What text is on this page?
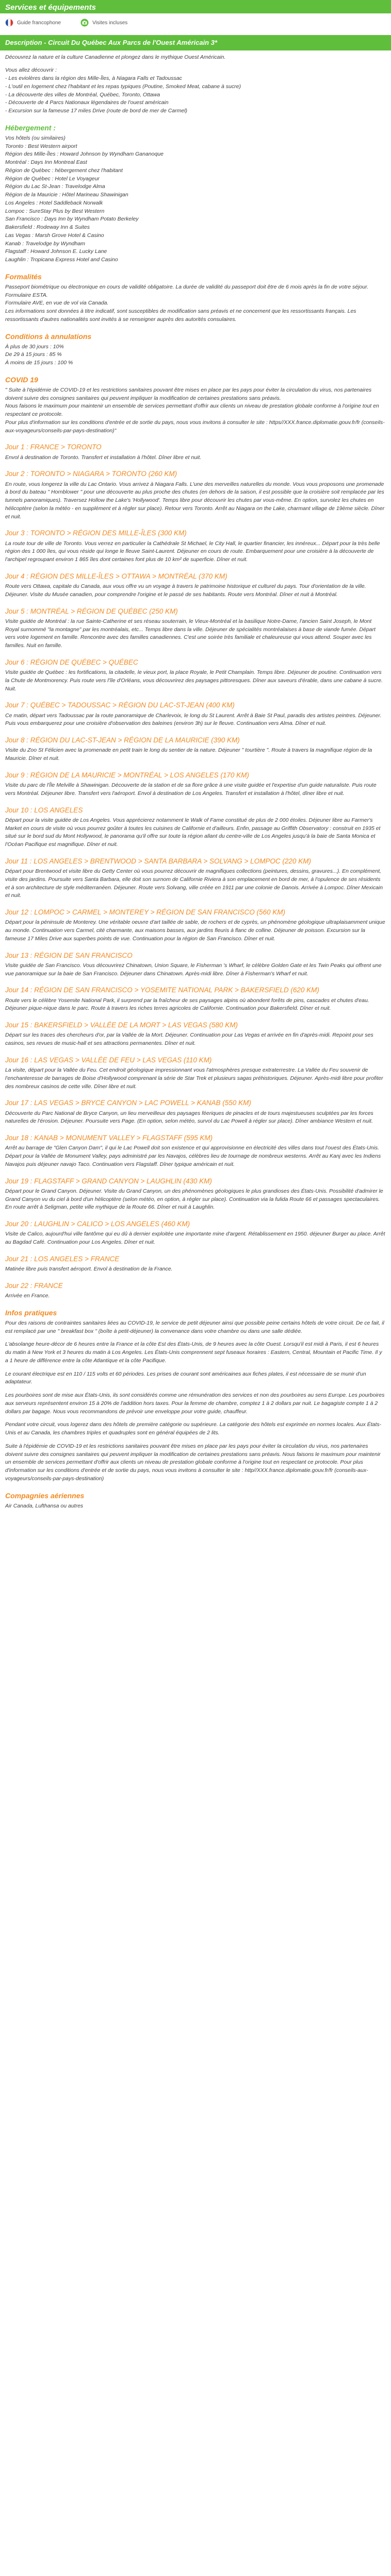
Services et équipements
Guide francophone	Visites incluses
Description - Circuit Du Québec Aux Parcs de l'Ouest Américain 3*

Découvrez la nature et la culture Canadienne et plongez dans le mythique Ouest Américain.

Vous allez découvrir :

- Les eviolères dans la région des Mille-Îles, à Niagara Falls et Tadoussac

- L'outil en logement chez l'habitant et les repas typiques (Poutine, Smoked Meat, cabane à sucre)

- La découverte des villes de Montréal, Québec, Toronto, Ottawa

- Découverte de 4 Parcs Nationaux légendaires de l'ouest américain

- Excursion sur la fameuse 17 miles Drive (route de bord de mer de Carmel)

Hébergement :

Vos hôtels (ou similaires)

Toronto : Best Western airport

Région des Mille-Îles : Howard Johnson by Wyndham Gananoque

Montréal : Days Inn Montreal East

Région de Québec : hébergement chez l'habitant

Région de Québec : Hotel Le Voyageur

Région du Lac St-Jean : Travelodge Alma

Région de la Mauricie : Hôtel Marineau Shawinigan

Los Angeles : Hotel Saddleback Norwalk

Lompoc : SureStay Plus by Best Western

San Francisco : Days Inn by Wyndham Potato Berkeley

Bakersfield : Rodeway Inn & Suites

Las Vegas : Marsh Grove Hotel & Casino

Kanab : Travelodge by Wyndham

Flagstaff : Howard Johnson E. Lucky Lane

Laughlin : Tropicana Express Hotel and Casino

Formalités

Passeport biométrique ou électronique en cours de validité obligatoire. La durée de validité du passeport doit être de 6 mois après la fin de votre séjour.

Formulaire ESTA.

Formulaire AVE, en vue de vol via Canada.

Les informations sont données à titre indicatif, sont susceptibles de modification sans préavis et ne concernent que les ressortissants français. Les ressortissants d'autres nationalités sont invités à se renseigner auprès des autorités consulaires.

Conditions à annulations

À plus de 30 jours : 10%

De 29 à 15 jours : 85 %

À moins de 15 jours : 100 %

COVID 19

" Suite à l'épidémie de COVID-19 et les restrictions sanitaires pouvant être mises en place par les pays pour éviter la circulation du virus, nos partenaires doivent suivre des consignes sanitaires qui peuvent impliquer la modification de certaines prestations sans préavis.

Nous faisons le maximum pour maintenir un ensemble de services permettant d'offrir aux clients un niveau de prestation globale conforme à l'origine tout en respectant ce protocole.

Pour plus d'information sur les conditions d'entrée et de sortie du pays, nous vous invitons à consulter le site : https//XXX.france.diplomatie.gouv.fr/fr (conseils-aux-voyageurs/conseils-par-pays-destination)"

Jour 1 : FRANCE > TORONTO

Envol à destination de Toronto. Transfert et installation à l'hôtel. Dîner libre et nuit.

Jour 2 : TORONTO > NIAGARA > TORONTO (260 KM)

En route, vous longerez la ville du Lac Ontario. Vous arrivez à Niagara Falls. L'une des merveilles naturelles du monde. Vous vous proposons une promenade à bord du bateau " Hornblower " pour une découverte au plus proche des chutes (en dehors de la saison, il est possible que la croisière soit remplacée par les tunnels panoramiques). Traversez Hollow the Lake's 'Hollywood'. Temps libre pour découvrir les chutes par vous-même. En option, survolez les chutes en hélicoptère (selon la météo - en supplément et à régler sur place). Retour vers Toronto. Arrêt au Niagara on the Lake, charmant village de 19ème siècle. Dîner et nuit.

Jour 3 : TORONTO > RÉGION DES MILLE-ÎLES (300 KM)

La route tour de ville de Toronto. Vous verrez en particulier la Cathédrale St Michael, le City Hall, le quartier financier, les innéreux... Départ pour la très belle région des 1 000 îles, qui vous réside qui longe le fleuve Saint-Laurent. Déjeuner en cours de route. Embarquement pour une croisière à la découverte de l'archipel regroupant environ 1 865 îles dont certaines font plus de 10 km² de superficie. Dîner et nuit.

Jour 4 : RÉGION DES MILLE-ÎLES > OTTAWA > MONTRÉAL (370 KM)

Route vers Ottawa, capitale du Canada, aux vous offre vu un voyage à travers le patrimoine historique et culturel du pays. Tour d'orientation de la ville. Déjeuner. Visite du Musée canadien, pour comprendre l'origine et le passé de ses habitants. Route vers Montréal. Dîner et nuit à Montréal.

Jour 5 : MONTRÉAL > RÉGION DE QUÉBEC (250 KM)

Visite guidée de Montréal : la rue Sainte-Catherine et ses réseau souterrain, le Vieux-Montréal et la basilique Notre-Dame, l'ancien Saint Joseph, le Mont Royal surnommé "la montagne" par les montréalais, etc... Temps libre dans la ville. Déjeuner de spécialités montréalaises à base de viande fumée. Départ vers votre logement en famille. Rencontre avec des familles canadiennes. C'est une soirée très familiale et chaleureuse qui vous attend. Souper avec les familles. Nuit en famille.

Jour 6 : RÉGION DE QUÉBEC > QUÉBEC

Visite guidée de Québec : les fortifications, la citadelle, le vieux port, la place Royale, le Petit Champlain. Temps libre. Déjeuner de poutine. Continuation vers la Chute de Montmorency. Puis route vers l'île d'Orléans, vous découvrirez des paysages pittoresques. Dîner aux saveurs d'érable, dans une cabane à sucre. Nuit.

Jour 7 : QUÉBEC > TADOUSSAC > RÉGION DU LAC-ST-JEAN (400 KM)

Ce matin, départ vers Tadoussac par la route panoramique de Charlevoix, le long du St Laurent. Arrêt à Baie St Paul, paradis des artistes peintres. Déjeuner. Puis vous embarquerez pour une croisière d'observation des baleines (environ 3h) sur le fleuve. Continuation vers Alma. Dîner et nuit.

Jour 8 : RÉGION DU LAC-ST-JEAN > RÉGION DE LA MAURICIE (390 KM)

Visite du Zoo St Félicien avec la promenade en petit train le long du sentier de la nature. Déjeuner " tourtière ". Route à travers la magnifique région de la Mauricie. Dîner et nuit.

Jour 9 : RÉGION DE LA MAURICIE > MONTRÉAL > LOS ANGELES (170 KM)

Visite du parc de l'Île Melville à Shawinigan. Découverte de la station et de sa flore grâce à une visite guidée et l'expertise d'un guide naturaliste. Puis route vers Montréal. Déjeuner libre. Transfert vers l'aéroport. Envol à destination de Los Angeles. Transfert et installation à l'hôtel, dîner libre et nuit.

Jour 10 : LOS ANGELES

Départ pour la visite guidée de Los Angeles. Vous apprécierez notamment le Walk of Fame constitué de plus de 2 000 étoiles. Déjeuner libre au Farmer's Market en cours de visite où vous pourrez goûter à toutes les cuisines de Californie et d'ailleurs. Enfin, passage au Griffith Observatory : construit en 1935 et situé sur le bord sud du Mont Hollywood, le panorama qu'il offre sur toute la région allant du centre-ville de Los Angeles jusqu'à la baie de Santa Monica et l'Océan Pacifique est magnifique. Dîner et nuit.

Jour 11 : LOS ANGELES > BRENTWOOD > SANTA BARBARA > SOLVANG > LOMPOC (220 KM)

Départ pour Brentwood et visite libre du Getty Center où vous pourrez découvrir de magnifiques collections (peintures, dessins, gravures...). En complément, visite des jardins. Poursuite vers Santa Barbara, elle doit son surnom de Californie Riviera à son emplacement en bord de mer, à l'opulence de ses résidents et à son architecture de style méditerranéen. Déjeuner. Route vers Solvang, ville créée en 1911 par une colonie de Danois. Arrivée à Lompoc. Dîner Mexicain et nuit.

Jour 12 : LOMPOC > CARMEL > MONTEREY > RÉGION DE SAN FRANCISCO (560 KM)

Départ pour la péninsule de Monterey. Une véritable oeuvre d'art taillée de sable, de rochers et de cyprès, un phénomène géologique ultraplaisamment unique au monde. Continuation vers Carmel, cité charmante, aux maisons basses, aux jardins fleuris à flanc de colline. Déjeuner de poisson. Excursion sur la fameuse 17 Miles Drive aux superbes points de vue. Continuation pour la région de San Francisco. Dîner et nuit.

Jour 13 : RÉGION DE SAN FRANCISCO

Visite guidée de San Francisco. Vous découvrirez Chinatown, Union Square, le Fisherman 's Wharf, le célèbre Golden Gate et les Twin Peaks qui offrent une vue panoramique sur la baie de San Francisco. Déjeuner dans Chinatown. Après-midi libre. Dîner à Fisherman's Wharf et nuit.

Jour 14 : RÉGION DE SAN FRANCISCO > YOSEMITE NATIONAL PARK > BAKERSFIELD (620 KM)

Route vers le célèbre Yosemite National Park, il surprend par la fraîcheur de ses paysages alpins où abondent forêts de pins, cascades et chutes d'eau. Déjeuner pique-nique dans le parc. Route à travers les riches terres agricoles de Californie. Continuation pour Bakersfield. Dîner et nuit.

Jour 15 : BAKERSFIELD > VALLÉE DE LA MORT > LAS VEGAS (580 KM)

Départ sur les traces des chercheurs d'or, par la Vallée de la Mort. Déjeuner. Continuation pour Las Vegas et arrivée en fin d'après-midi. Repoint pour ses casinos, ses revues de music-hall et ses attractions permanentes. Dîner et nuit.

Jour 16 : LAS VEGAS > VALLÉE DE FEU > LAS VEGAS (110 KM)

La visite, départ pour la Vallée du Feu. Cet endroit géologique impressionnant vous l'atmosphères presque extraterrestre. La Vallée du Feu souvenir de l'enchanteresse de barrages de Boise d'Hollywood comprenant la série de Star Trek et plusieurs sagas préhistoriques. Déjeuner. Après-midi libre pour profiter des nombreux casinos de cette ville. Dîner libre et nuit.

Jour 17 : LAS VEGAS > BRYCE CANYON > LAC POWELL > KANAB (550 KM)

Découverte du Parc National de Bryce Canyon, un lieu merveilleux des paysages féeriques de pinacles et de tours majestueuses sculptées par les forces naturelles de l'érosion. Déjeuner. Poursuite vers Page. (En option, selon météo, survol du Lac Powell à régler sur place). Dîner ambiance Western et nuit.

Jour 18 : KANAB > MONUMENT VALLEY > FLAGSTAFF (595 KM)

Arrêt au barrage de "Glen Canyon Dam", il qui le Lac Powell doit son existence et qui approvisionne en électricité des villes dans tout l'ouest des États-Unis. Départ pour la Vallée de Monument Valley, pays administré par les Navajos, célèbres lieu de tournage de nombreux westerns. Arrêt au Kanj avec les Indiens Navajos puis déjeuner navajo Taco. Continuation vers Flagstaff. Dîner typique américain et nuit.

Jour 19 : FLAGSTAFF > GRAND CANYON > LAUGHLIN (430 KM)

Départ pour le Grand Canyon. Déjeuner. Visite du Grand Canyon, un des phénomènes géologiques le plus grandioses des États-Unis. Possibilité d'admirer le Grand Canyon vu du ciel à bord d'un hélicoptère (selon météo, en option, à régler sur place). Continuation via la fulida Route 66 et passages spectaculaires. En route arrêt à Seligman, petite ville mythique de la Route 66. Dîner et nuit à Laughlin.

Jour 20 : LAUGHLIN > CALICO > LOS ANGELES (460 KM)

Visite de Calico, aujourd'hui ville fantôme qui eu dû à dernier exploitée une importante mine d'argent. Rétablissement en 1950. déjeuner Burger au place. Arrêt au Bagdad Café. Continuation pour Los Angeles. Dîner et nuit.

Jour 21 : LOS ANGELES > FRANCE

Matinée libre puis transfert aéroport. Envol à destination de la France.

Jour 22 : FRANCE

Arrivée en France.

Infos pratiques

Pour des raisons de contraintes sanitaires liées au COVID-19, le service de petit déjeuner ainsi que possible peine certains hôtels de votre circuit. De ce fait, il est remplacé par une " breakfast box " (boîte à petit-déjeuner) la convenance dans votre chambre ou dans une salle dédiée.

L'absolange heure-décor de 6 heures entre la France et la côte Est des États-Unis, de 9 heures avec la côte Ouest. Lorsqu'il est midi à Paris, il est 6 heures du matin à New York et 3 heures du matin à Los Angeles. Les États-Unis comprennent sept fuseaux horaires : Eastern, Central, Mountain et Pacific Time. Il y a 1 heure de différence entre la côte Atlantique et la côte Pacifique.

Le courant électrique est en 110 / 115 volts et 60 périodes. Les prises de courant sont américaines aux fiches plates, il est nécessaire de se munir d'un adaptateur.

Les pourboires sont de mise aux États-Unis, ils sont considérés comme une rémunération des services et non des pourboires au sens Europe. Les pourboires aux serveurs représentent environ 15 à 20% de l'addition hors taxes. Pour la femme de chambre, comptez 1 à 2 dollars par nuit. Le bagagiste compte 1 à 2 dollars par bagage. Nous vous recommandons de prévoir une enveloppe pour votre guide, chauffeur.

Pendant votre circuit, vous logerez dans des hôtels de première catégorie ou supérieure. La catégorie des hôtels est exprimée en normes locales. Aux États-Unis et au Canada, les chambres triples et quadruples sont en général équipées de 2 lits.

Suite à l'épidémie de COVID-19 et les restrictions sanitaires pouvant être mises en place par les pays pour éviter la circulation du virus, nos partenaires doivent suivre des consignes sanitaires qui peuvent impliquer la modification de certaines prestations sans préavis. Nous faisons le maximum pour maintenir un ensemble de services permettant d'offrir aux clients un niveau de prestation globale conforme à l'origine tout en respectant ce protocole. Pour plus d'information sur les conditions d'entrée et de sortie du pays, nous vous invitons à consulter le site : http//XXX.france.diplomatie.gouv.fr/fr (conseils-aux-voyageurs/conseils-par-pays-destination)

Compagnies aériennes

Air Canada, Lufthansa ou autres
